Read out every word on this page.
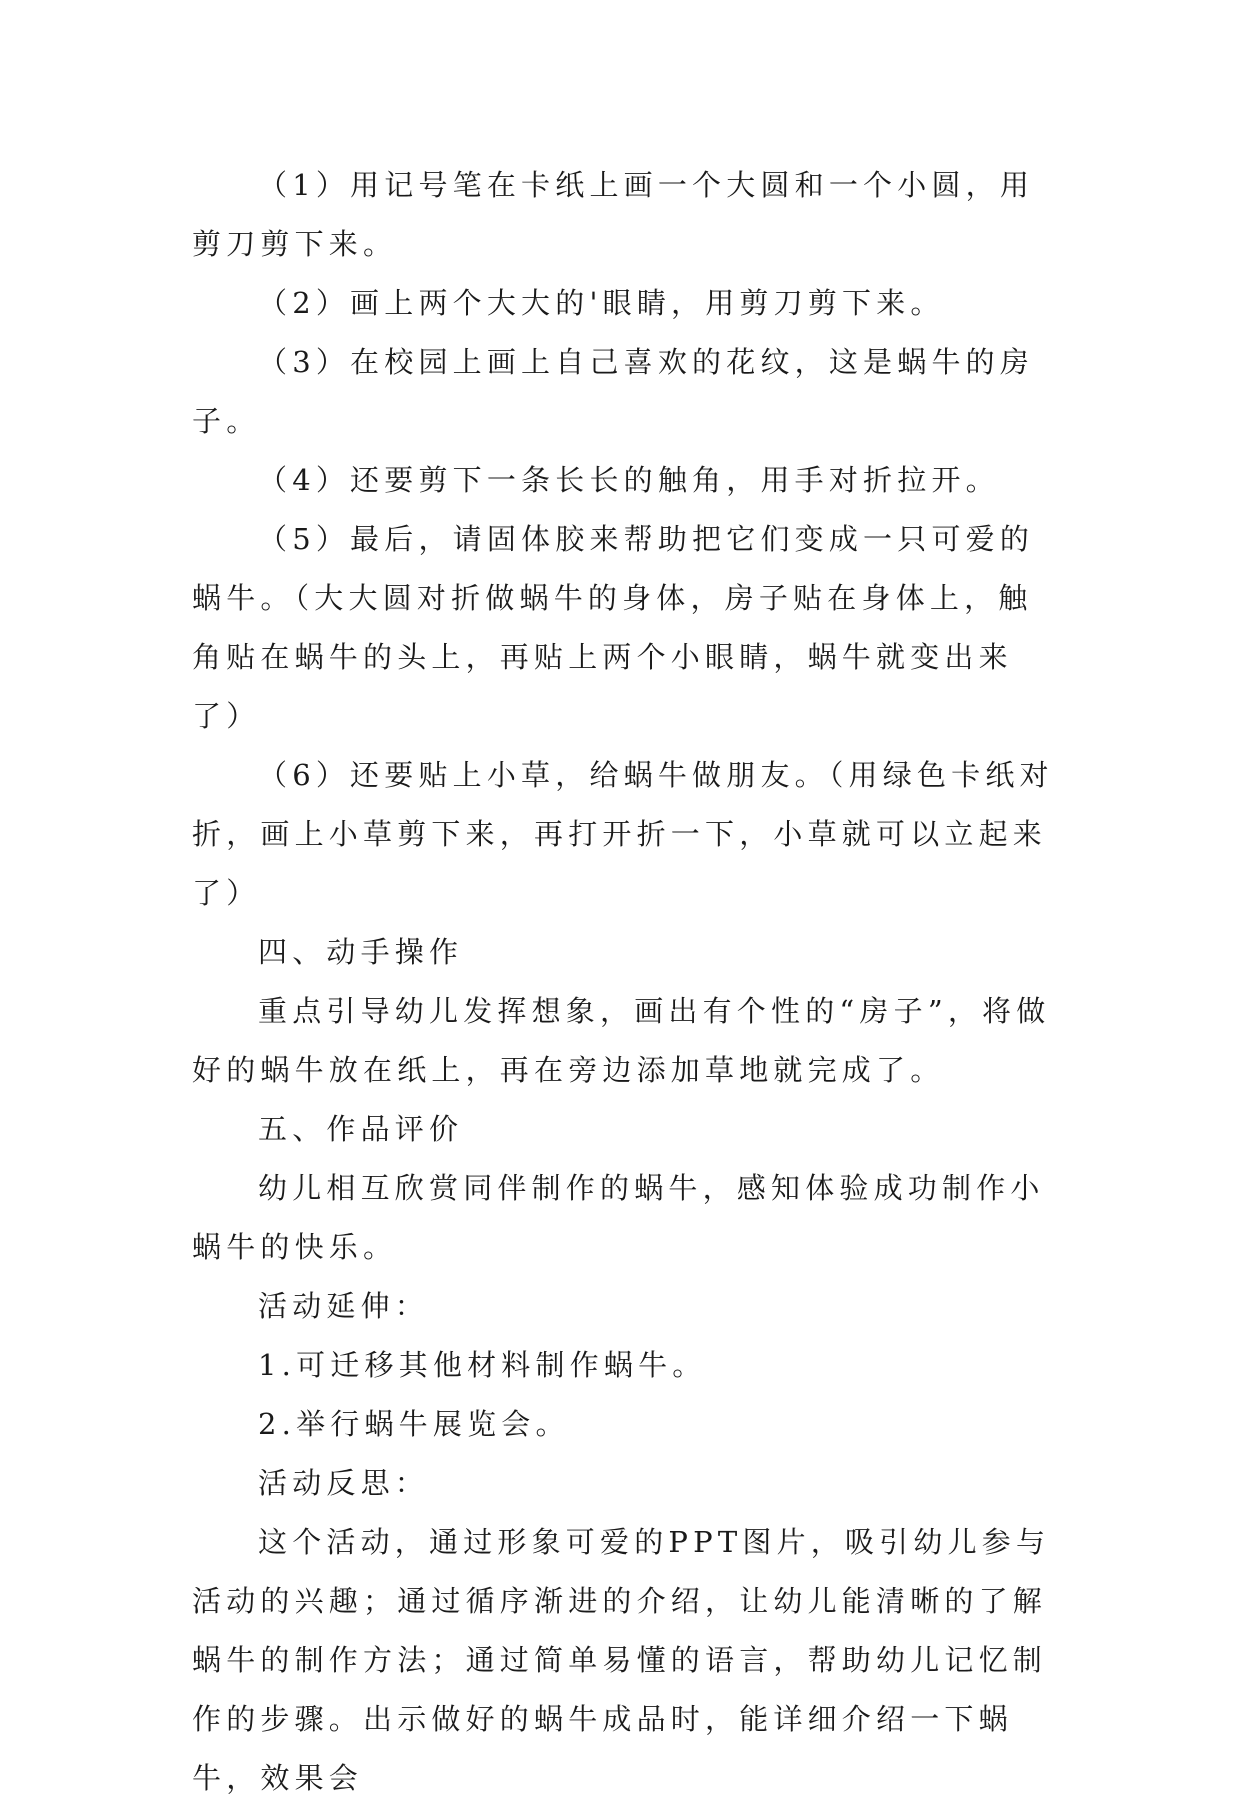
（1）用记号笔在卡纸上画一个大圆和一个小圆，用剪刀剪下来。

（2）画上两个大大的'眼睛，用剪刀剪下来。

（3）在校园上画上自己喜欢的花纹，这是蜗牛的房子。

（4）还要剪下一条长长的触角，用手对折拉开。

（5）最后，请固体胶来帮助把它们变成一只可爱的蜗牛。（大大圆对折做蜗牛的身体，房子贴在身体上，触角贴在蜗牛的头上，再贴上两个小眼睛，蜗牛就变出来了）

（6）还要贴上小草，给蜗牛做朋友。（用绿色卡纸对折，画上小草剪下来，再打开折一下，小草就可以立起来了）

四、动手操作

重点引导幼儿发挥想象，画出有个性的“房子”，将做好的蜗牛放在纸上，再在旁边添加草地就完成了。

五、作品评价

幼儿相互欣赏同伴制作的蜗牛，感知体验成功制作小蜗牛的快乐。

活动延伸：

1.可迁移其他材料制作蜗牛。

2.举行蜗牛展览会。

活动反思：

这个活动，通过形象可爱的PPT图片，吸引幼儿参与活动的兴趣；通过循序渐进的介绍，让幼儿能清晰的了解蜗牛的制作方法；通过简单易懂的语言，帮助幼儿记忆制作的步骤。出示做好的蜗牛成品时，能详细介绍一下蜗牛，效果会
